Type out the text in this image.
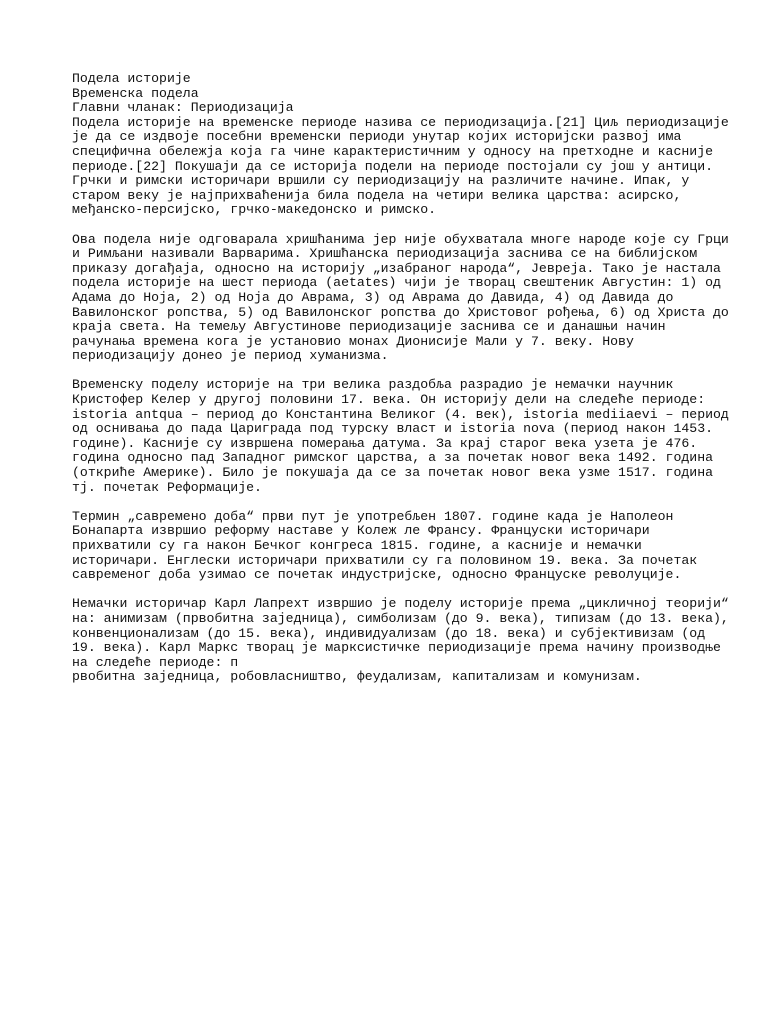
Подела историје
Временска подела
Главни чланак: Периодизација
Подела историје на временске периоде назива се периодизација.[21] Циљ периодизације
је да се издвоје посебни временски периоди унутар којих историјски развој има
специфична обележја која га чине карактеристичним у односу на претходне и касније
периоде.[22] Покушаји да се историја подели на периоде постојали су још у антици.
Грчки и римски историчари вршили су периодизацију на различите начине. Ипак, у
старом веку је најприхваћенија била подела на четири велика царства: асирско,
међанско-персијско, грчко-македонско и римско.
Ова подела није одговарала хришћанима јер није обухватала многе народе које су Грци
и Римљани називали Варварима. Хришћанска периодизација заснива се на библијском
приказу догађаја, односно на историју „изабраног народа“, Јевреја. Тако је настала
подела историје на шест периода (aetates) чији је творац свештеник Августин: 1) од
Адама до Ноја, 2) од Ноја до Аврама, 3) од Аврама до Давида, 4) од Давида до
Вавилонског ропства, 5) од Вавилонског ропства до Христовог рођења, 6) од Христа до
краја света. На темељу Августинове периодизације заснива се и данашњи начин
рачунања времена кога је установио монах Дионисије Мали у 7. веку. Нову
периодизацију донео је период хуманизма.
Временску поделу историје на три велика раздобља разрадио је немачки научник
Кристофер Келер у другој половини 17. века. Он историју дели на следеће периоде:
istoria antqua – период до Константина Великог (4. век), istoria mediiaevi – период
од оснивања до пада Цариграда под турску власт и istoria nova (период након 1453.
године). Касније су извршена померања датума. За крај старог века узета је 476.
година односно пад Западног римског царства, а за почетак новог века 1492. година
(откриће Америке). Било је покушаја да се за почетак новог века узме 1517. година
тј. почетак Реформације.
Термин „савремено доба“ први пут је употребљен 1807. године када је Наполеон
Бонапарта извршио реформу наставе у Колеж ле Франсу. Француски историчари
прихватили су га након Бечког конгреса 1815. године, а касније и немачки
историчари. Енглески историчари прихватили су га половином 19. века. За почетак
савременог доба узимао се почетак индустријске, односно Француске револуције.
Немачки историчар Карл Лапрехт извршио је поделу историје према „цикличној теорији“
на: анимизам (првобитна заједница), симболизам (до 9. века), типизам (до 13. века),
конвенционализам (до 15. века), индивидуализам (до 18. века) и субјективизам (од
19. века). Карл Маркс творац је марксистичке периодизације према начину производње
на следеће периоде: п
рвобитна заједница, робовласништво, феудализам, капитализам и комунизам.
